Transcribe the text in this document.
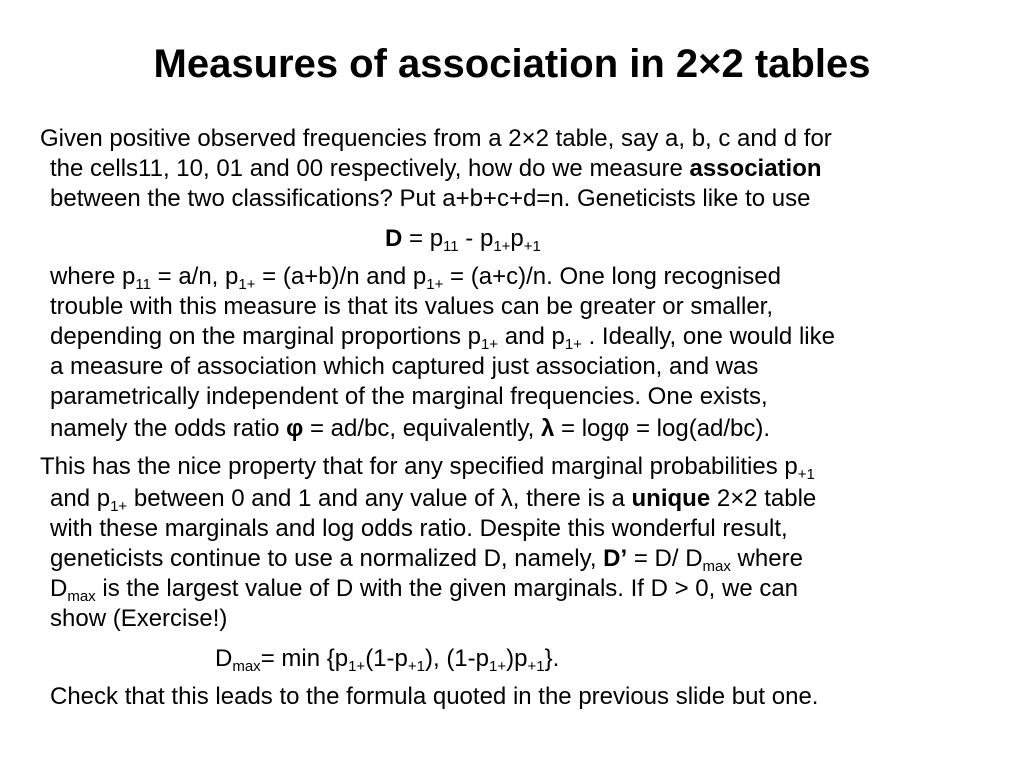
Measures of association in 2×2 tables
Given positive observed frequencies from a 2×2 table, say a, b, c and d for
the cells11, 10, 01 and 00 respectively, how do we measure association
between the two classifications? Put a+b+c+d=n. Geneticists like to use
$D = p_{11} - p_{1+}p_{+1}$
where $p_{11} = a/n$, $p_{1+} = (a+b)/n$ and $p_{1+} = (a+c)/n$. One long recognised
trouble with this measure is that its values can be greater or smaller,
depending on the marginal proportions $p_{1+}$ and $p_{1+}$ . Ideally, one would like
a measure of association which captured just association, and was
parametrically independent of the marginal frequencies. One exists,
namely the odds ratio φ = ad/bc, equivalently, λ = logφ = log(ad/bc).
This has the nice property that for any specified marginal probabilities $p_{+1}$
and $p_{1+}$ between 0 and 1 and any value of λ, there is a unique 2×2 table
with these marginals and log odds ratio. Despite this wonderful result,
geneticists continue to use a normalized D, namely, D’ = D/ $D_{max}$ where
$D_{max}$ is the largest value of D with the given marginals. If D > 0, we can
show (Exercise!)
$D_{max}= \min \{p_{1+}(1-p_{+1})$, $(1-p_{1+})p_{+1}$}.
Check that this leads to the formula quoted in the previous slide but one.
